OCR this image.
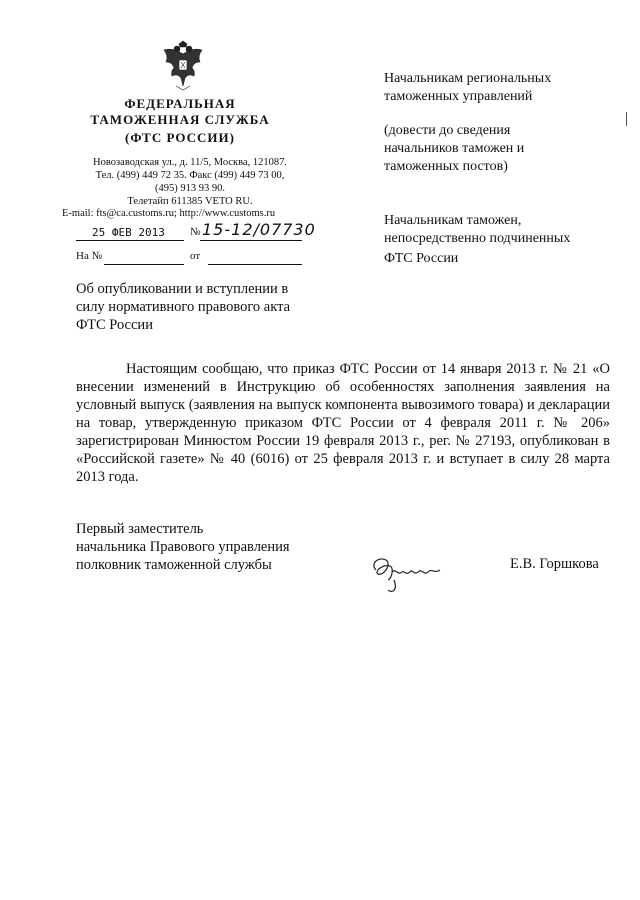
ФЕДЕРАЛЬНАЯ
ТАМОЖЕННАЯ СЛУЖБА
(ФТС РОССИИ)
Новозаводская ул., д. 11/5, Москва, 121087.
Тел. (499) 449 72 35. Факс (499) 449 73 00,
(495) 913 93 90.
Телетайп 611385 VETO RU.
E-mail: fts@ca.customs.ru; http://www.customs.ru
25 ФЕВ 2013 № 15-12/07730
На №	от
Начальникам региональных
таможенных управлений
(довести до сведения
начальников таможен и
таможенных постов)
Начальникам таможен,
непосредственно подчиненных
ФТС России
Об опубликовании и вступлении в
силу нормативного правового акта
ФТС России

Настоящим сообщаю, что приказ ФТС России от 14 января 2013 г. № 21 «О внесении изменений в Инструкцию об особенностях заполнения заявления на условный выпуск (заявления на выпуск компонента вывозимого товара) и декларации на товар, утвержденную приказом ФТС России от 4 февраля 2011 г. № 206» зарегистрирован Минюстом России 19 февраля 2013 г., рег. № 27193, опубликован в «Российской газете» № 40 (6016) от 25 февраля 2013 г. и вступает в силу 28 марта 2013 года.

Первый заместитель
начальника Правового управления
полковник таможенной службы	Е.В. Горшкова
